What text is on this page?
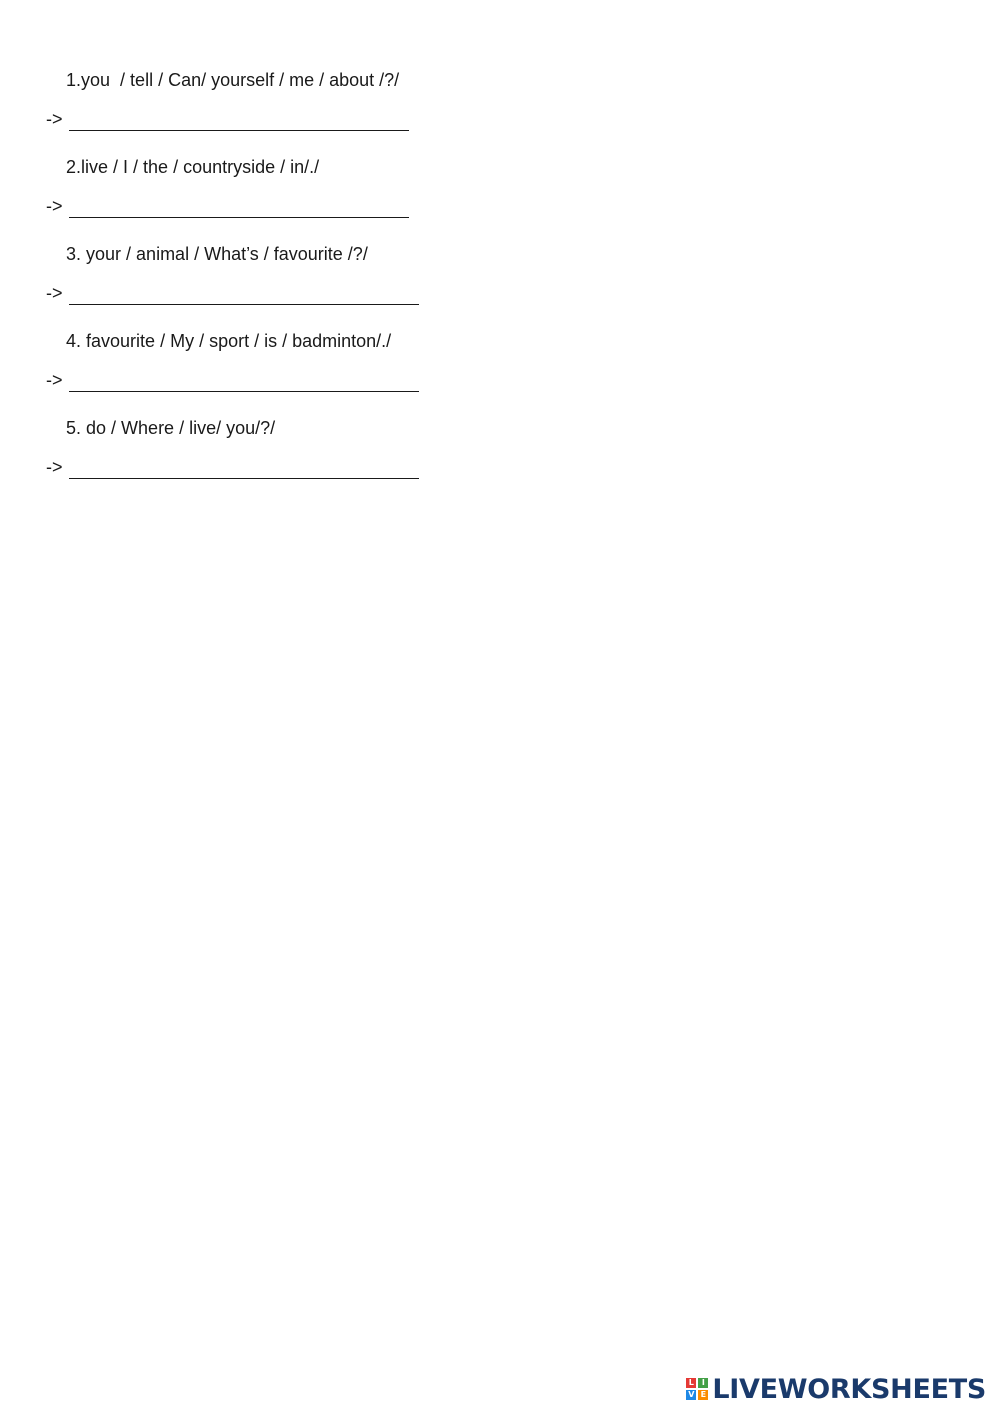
1.you  / tell / Can/ yourself / me / about /?/

->

2.live / I / the / countryside / in/./

->

3. your / animal / What’s / favourite /?/

->

4. favourite / My / sport / is / badminton/./

->

5. do / Where / live/ you/?/

->
L I
V E LIVEWORKSHEETS
